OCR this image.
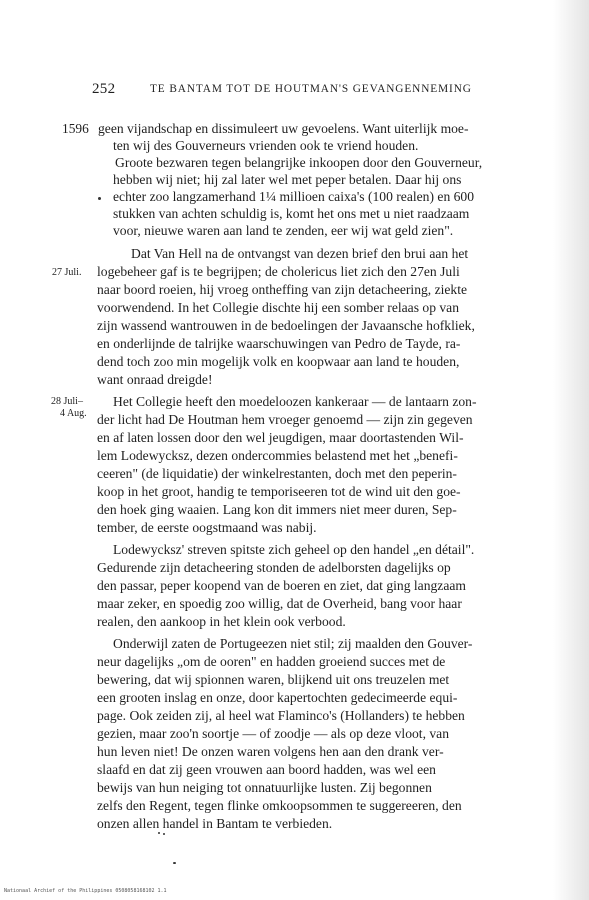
252	TE BANTAM TOT DE HOUTMAN'S GEVANGENNEMING
1596
27 Juli.
28 Juli–
4 Aug.
geen vijandschap en dissimuleert uw gevoelens. Want uiterlijk moe-
ten wij des Gouverneurs vrienden ook te vriend houden.
Groote bezwaren tegen belangrijke inkoopen door den Gouverneur,
hebben wij niet; hij zal later wel met peper betalen. Daar hij ons
echter zoo langzamerhand 1¼ millioen caixa's (100 realen) en 600
stukken van achten schuldig is, komt het ons met u niet raadzaam
voor, nieuwe waren aan land te zenden, eer wij wat geld zien".
Dat Van Hell na de ontvangst van dezen brief den brui aan het
logebeheer gaf is te begrijpen; de cholericus liet zich den 27en Juli
naar boord roeien, hij vroeg ontheffing van zijn detacheering, ziekte
voorwendend. In het Collegie dischte hij een somber relaas op van
zijn wassend wantrouwen in de bedoelingen der Javaansche hofkliek,
en onderlijnde de talrijke waarschuwingen van Pedro de Tayde, ra-
dend toch zoo min mogelijk volk en koopwaar aan land te houden,
want onraad dreigde!
Het Collegie heeft den moedeloozen kankeraar — de lantaarn zon-
der licht had De Houtman hem vroeger genoemd — zijn zin gegeven
en af laten lossen door den wel jeugdigen, maar doortastenden Wil-
lem Lodewycksz, dezen ondercommies belastend met het „benefi-
ceeren" (de liquidatie) der winkelrestanten, doch met den peperin-
koop in het groot, handig te temporiseeren tot de wind uit den goe-
den hoek ging waaien. Lang kon dit immers niet meer duren, Sep-
tember, de eerste oogstmaand was nabij.
Lodewycksz' streven spitste zich geheel op den handel „en détail".
Gedurende zijn detacheering stonden de adelborsten dagelijks op
den passar, peper koopend van de boeren en ziet, dat ging langzaam
maar zeker, en spoedig zoo willig, dat de Overheid, bang voor haar
realen, den aankoop in het klein ook verbood.
Onderwijl zaten de Portugeezen niet stil; zij maalden den Gouver-
neur dagelijks „om de ooren" en hadden groeiend succes met de
bewering, dat wij spionnen waren, blijkend uit ons treuzelen met
een grooten inslag en onze, door kapertochten gedecimeerde equi-
page. Ook zeiden zij, al heel wat Flaminco's (Hollanders) te hebben
gezien, maar zoo'n soortje — of zoodje — als op deze vloot, van
hun leven niet! De onzen waren volgens hen aan den drank ver-
slaafd en dat zij geen vrouwen aan boord hadden, was wel een
bewijs van hun neiging tot onnatuurlijke lusten. Zij begonnen
zelfs den Regent, tegen flinke omkoopsommen te suggereeren, den
onzen allen handel in Bantam te verbieden.
Nationaal Archief of the Philippines 0508058168102 1.1
